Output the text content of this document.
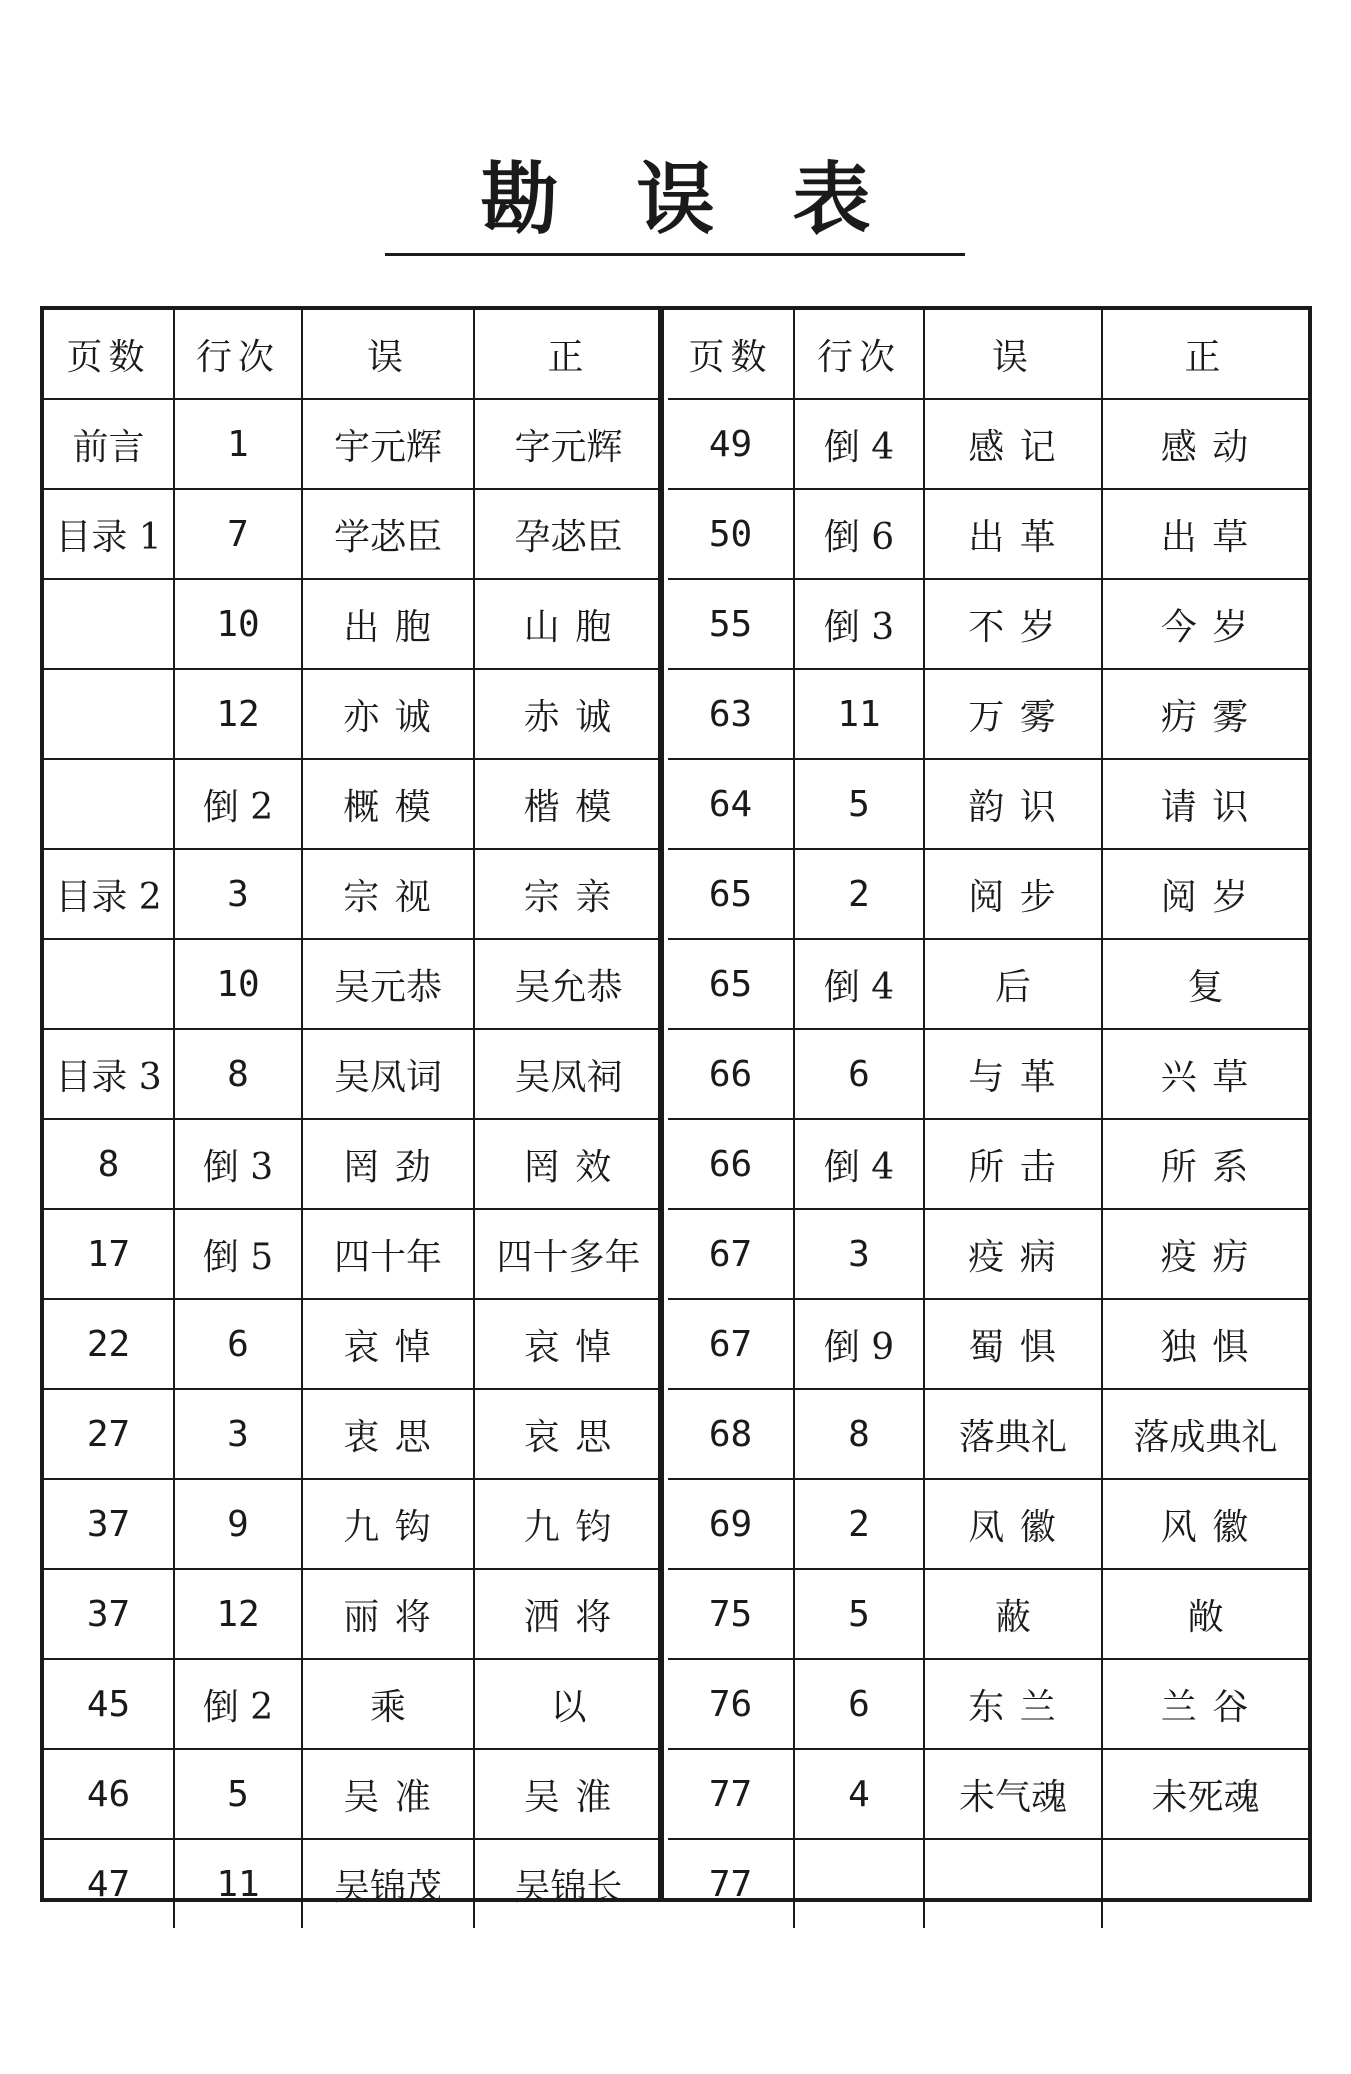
勘误表
页数	行次	误	正
前言	1	宇元辉	字元辉
目录 1	7	学苾臣	孕苾臣
	10	出 胞	山 胞
	12	亦 诚	赤 诚
	倒 2	概 模	楷 模
目录 2	3	宗 视	宗 亲
	10	吴元恭	吴允恭
目录 3	8	吴凤词	吴凤祠
8	倒 3	罔 劲	罔 效
17	倒 5	四十年	四十多年
22	6	哀 悼	哀 悼
27	3	衷 思	哀 思
37	9	九 钩	九 钧
37	12	丽 将	洒 将
45	倒 2	乘	以
46	5	吴 准	吴 淮
47	11	吴锦茂	吴锦长
页数	行次	误	正
49	倒 4	感 记	感 动
50	倒 6	出 革	出 草
55	倒 3	不 岁	今 岁
63	11	万 雾	疠 雾
64	5	韵 识	请 识
65	2	阅 步	阅 岁
65	倒 4	后	复
66	6	与 革	兴 草
66	倒 4	所 击	所 系
67	3	疫 病	疫 疠
67	倒 9	蜀 惧	独 惧
68	8	落典礼	落成典礼
69	2	凤 徽	风 徽
75	5	蔽	敞
76	6	东 兰	兰 谷
77	4	未气魂	未死魂
77			
